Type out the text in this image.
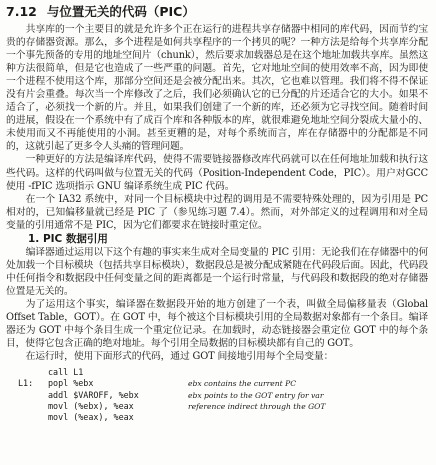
7.12 与位置无关的代码（PIC）

共享库的一个主要目的就是允许多个正在运行的进程共享存储器中相同的库代码，因而节约宝贵的存储器资源。那么，多个进程是如何共享程序的一个拷贝的呢？一种方法是给每个共享库分配一个事先预备的专用的地址空间片（chunk），然后要求加载器总是在这个地址加载共享库。虽然这种方法很简单，但是它也造成了一些严重的问题。首先，它对地址空间的使用效率不高，因为即使一个进程不使用这个库，那部分空间还是会被分配出来。其次，它也难以管理。我们将不得不保证没有片会重叠。每次当一个库修改了之后，我们必须确认它的已分配的片还适合它的大小。如果不适合了，必须找一个新的片。并且，如果我们创建了一个新的库，还必须为它寻找空间。随着时间的进展，假设在一个系统中有了成百个库和各种版本的库，就很难避免地址空间分裂成大量小的、未使用而又不再能使用的小洞。甚至更糟的是，对每个系统而言，库在存储器中的分配都是不同的，这就引起了更多令人头痛的管理问题。

一种更好的方法是编译库代码，使得不需要链接器修改库代码就可以在任何地址加载和执行这些代码。这样的代码叫做与位置无关的代码（Position-Independent Code，PIC）。用户对GCC使用 -fPIC 选项指示 GNU 编译系统生成 PIC 代码。

在一个 IA32 系统中，对同一个目标模块中过程的调用是不需要特殊处理的，因为引用是 PC 相对的，已知偏移量就已经是 PIC 了（参见练习题 7.4）。然而，对外部定义的过程调用和对全局变量的引用通常不是 PIC，因为它们都要求在链接时重定位。

1. PIC 数据引用

编译器通过运用以下这个有趣的事实来生成对全局变量的 PIC 引用：无论我们在存储器中的何处加载一个目标模块（包括共享目标模块），数据段总是被分配成紧随在代码段后面。因此，代码段中任何指令和数据段中任何变量之间的距离都是一个运行时常量，与代码段和数据段的绝对存储器位置是无关的。

为了运用这个事实，编译器在数据段开始的地方创建了一个表，叫做全局偏移量表（Global Offset Table，GOT）。在 GOT 中，每个被这个目标模块引用的全局数据对象都有一个条目。编译器还为 GOT 中每个条目生成一个重定位记录。在加载时，动态链接器会重定位 GOT 中的每个条目，使得它包含正确的绝对地址。每个引用全局数据的目标模块都有自己的 GOT。

在运行时，使用下面形式的代码，通过 GOT 间接地引用每个全局变量：

call L1
L1:	popl %ebx	ebx contains the current PC
addl $VAROFF, %ebx	ebx points to the GOT entry for var
movl (%ebx), %eax	reference indirect through the GOT
movl (%eax), %eax
